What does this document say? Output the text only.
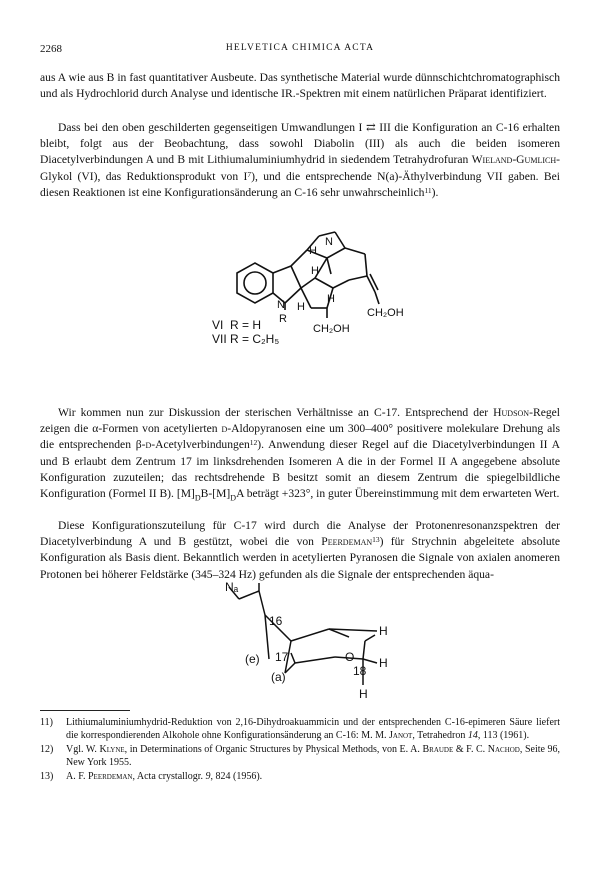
2268	HELVETICA CHIMICA ACTA

aus A wie aus B in fast quantitativer Ausbeute. Das synthetische Material wurde dünnschichtchromatographisch und als Hydrochlorid durch Analyse und identische IR.-Spektren mit einem natürlichen Präparat identifiziert.

Dass bei den oben geschilderten gegenseitigen Umwandlungen I ⇄ III die Konfiguration an C-16 erhalten bleibt, folgt aus der Beobachtung, dass sowohl Diabolin (III) als auch die beiden isomeren Diacetylverbindungen A und B mit Lithiumaluminiumhydrid in siedendem Tetrahydrofuran Wieland-Gumlich-Glykol (VI), das Reduktionsprodukt von $I^7$), und die entsprechende N(a)-Äthylverbindung VII gaben. Bei diesen Reaktionen ist eine Konfigurationsänderung an C-16 sehr unwahrscheinlich$^{11}$).

N
H
H
N H
H
R
CH₂OH
CH₂OH
VI R = H
VII R = C₂H₅

Wir kommen nun zur Diskussion der sterischen Verhältnisse an C-17. Entsprechend der Hudson-Regel zeigen die α-Formen von acetylierten d-Aldopyranosen eine um 300–400° positivere molekulare Drehung als die entsprechenden β-d-Acetylverbindungen$^{12}$). Anwendung dieser Regel auf die Diacetylverbindungen II A und B erlaubt dem Zentrum 17 im linksdrehenden Isomeren A die in der Formel II A angegebene absolute Konfiguration zuzuteilen; das rechtsdrehende B besitzt somit an diesem Zentrum die spiegelbildliche Konfiguration (Formel II B). $[M]_DB-[M]_DA$ beträgt +323°, in guter Übereinstimmung mit dem erwarteten Wert.

Diese Konfigurationszuteilung für C-17 wird durch die Analyse der Protonenresonanzspektren der Diacetylverbindung A und B gestützt, wobei die von Peerdeman$^{13}$) für Strychnin abgeleitete absolute Konfiguration als Basis dient. Bekanntlich werden in acetylierten Pyranosen die Signale von axialen anomeren Protonen bei höherer Feldstärke (345–324 Hz) gefunden als die Signale der entsprechenden äqua-

Nₐ
16
H
O H
(e) 17
18
(a)
H
11) Lithiumaluminiumhydrid-Reduktion von 2,16-Dihydroakuammicin und der entsprechenden C-16-epimeren Säure liefert die korrespondierenden Alkohole ohne Konfigurationsänderung an C-16: M. M. Janot, Tetrahedron 14, 113 (1961).
12) Vgl. W. Klyne, in Determinations of Organic Structures by Physical Methods, von E. A. Braude & F. C. Nachod, Seite 96, New York 1955.
13) A. F. Peerdeman, Acta crystallogr. 9, 824 (1956).
